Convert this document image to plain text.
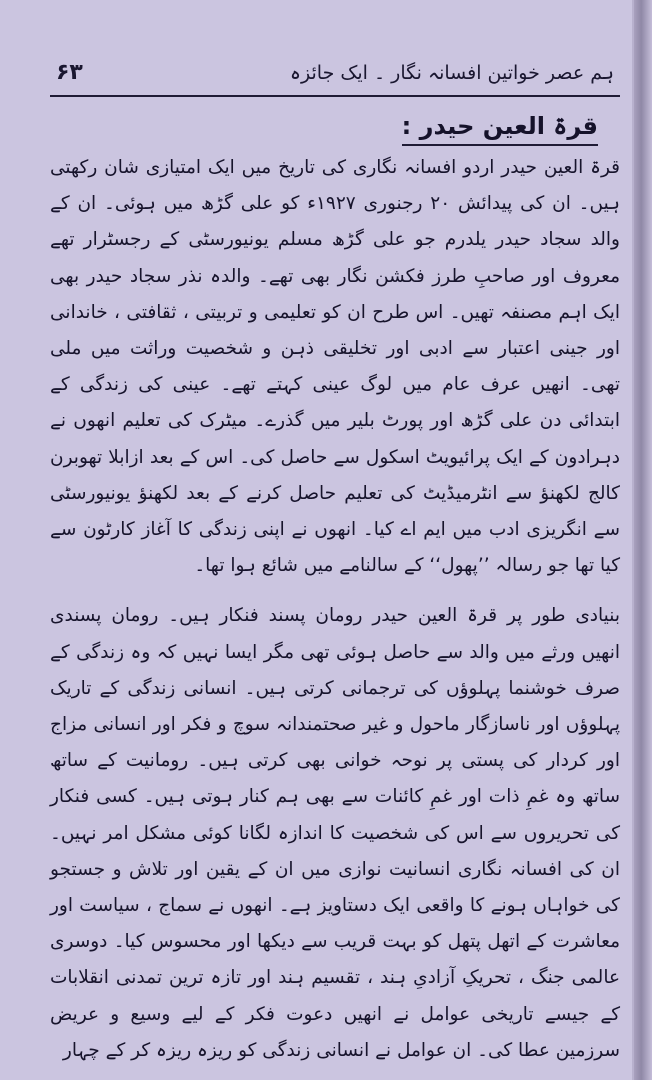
ہم عصر خواتین افسانہ نگار ۔ ایک جائزہ
۶۳
قرۃ العین حیدر :

قرۃ العین حیدر اردو افسانہ نگاری کی تاریخ میں ایک امتیازی شان رکھتی ہیں۔ ان کی پیدائش ۲۰ رجنوری ۱۹۲۷ء کو علی گڑھ میں ہوئی۔ ان کے والد سجاد حیدر یلدرم جو علی گڑھ مسلم یونیورسٹی کے رجسٹرار تھے معروف اور صاحبِ طرز فکشن نگار بھی تھے۔ والدہ نذر سجاد حیدر بھی ایک اہم مصنفہ تھیں۔ اس طرح ان کو تعلیمی و تربیتی ، ثقافتی ، خاندانی اور جینی اعتبار سے ادبی اور تخلیقی ذہن و شخصیت وراثت میں ملی تھی۔ انھیں عرف عام میں لوگ عینی کہتے تھے۔ عینی کی زندگی کے ابتدائی دن علی گڑھ اور پورٹ بلیر میں گذرے۔ میٹرک کی تعلیم انھوں نے دہرادون کے ایک پرائیویٹ اسکول سے حاصل کی۔ اس کے بعد ازابلا تھوبرن کالج لکھنؤ سے انٹرمیڈیٹ کی تعلیم حاصل کرنے کے بعد لکھنؤ یونیورسٹی سے انگریزی ادب میں ایم اے کیا۔ انھوں نے اپنی زندگی کا آغاز کارٹون سے کیا تھا جو رسالہ ’’پھول‘‘ کے سالنامے میں شائع ہوا تھا۔

بنیادی طور پر قرۃ العین حیدر رومان پسند فنکار ہیں۔ رومان پسندی انھیں ورثے میں والد سے حاصل ہوئی تھی مگر ایسا نہیں کہ وہ زندگی کے صرف خوشنما پہلوؤں کی ترجمانی کرتی ہیں۔ انسانی زندگی کے تاریک پہلوؤں اور ناسازگار ماحول و غیر صحتمندانہ سوچ و فکر اور انسانی مزاج اور کردار کی پستی پر نوحہ خوانی بھی کرتی ہیں۔ رومانیت کے ساتھ ساتھ وہ غمِ ذات اور غمِ کائنات سے بھی ہم کنار ہوتی ہیں۔ کسی فنکار کی تحریروں سے اس کی شخصیت کا اندازہ لگانا کوئی مشکل امر نہیں۔ ان کی افسانہ نگاری انسانیت نوازی میں ان کے یقین اور تلاش و جستجو کی خواہاں ہونے کا واقعی ایک دستاویز ہے۔ انھوں نے سماج ، سیاست اور معاشرت کے اتھل پتھل کو بہت قریب سے دیکھا اور محسوس کیا۔ دوسری عالمی جنگ ، تحریکِ آزادیِ ہند ، تقسیم ہند اور تازہ ترین تمدنی انقلابات کے جیسے تاریخی عوامل نے انھیں دعوت فکر کے لیے وسیع و عریض سرزمین عطا کی۔ ان عوامل نے انسانی زندگی کو ریزہ ریزہ کر کے چہار
